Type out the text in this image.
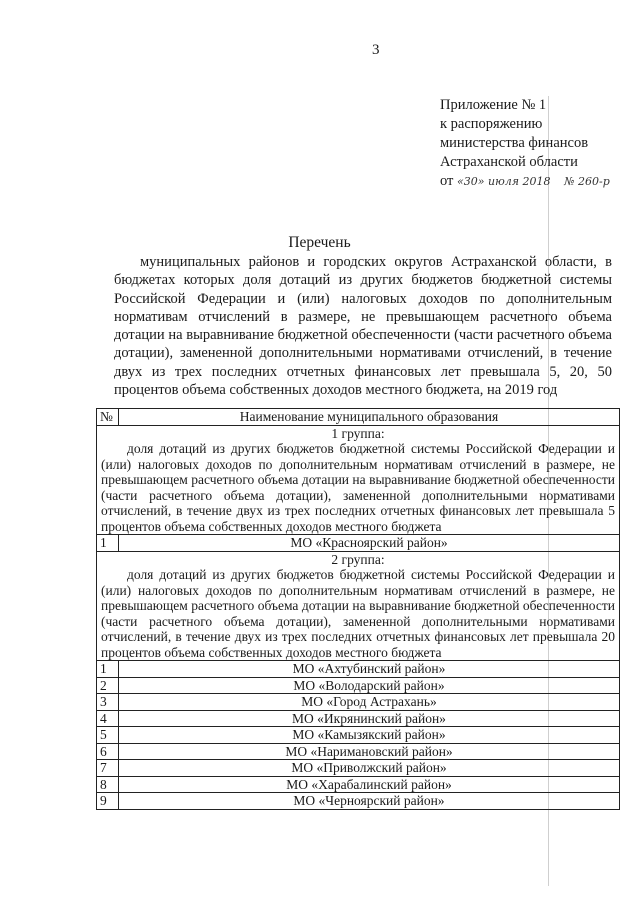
3
Приложение № 1
к распоряжению
министерства финансов
Астраханской области
от «30» июля 2018 № 260-р
Перечень
муниципальных районов и городских округов Астраханской области, в бюджетах которых доля дотаций из других бюджетов бюджетной системы Российской Федерации и (или) налоговых доходов по дополнительным нормативам отчислений в размере, не превышающем расчетного объема дотации на выравнивание бюджетной обеспеченности (части расчетного объема дотации), замененной дополнительными нормативами отчислений, в течение двух из трех последних отчетных финансовых лет превышала 5, 20, 50 процентов объема собственных доходов местного бюджета, на 2019 год
№	Наименование муниципального образования

1 группа:
доля дотаций из других бюджетов бюджетной системы Российской Федерации и (или) налоговых доходов по дополнительным нормативам отчислений в размере, не превышающем расчетного объема дотации на выравнивание бюджетной обеспеченности (части расчетного объема дотации), замененной дополнительными нормативами отчислений, в течение двух из трех последних отчетных финансовых лет превышала 5 процентов объема собственных доходов местного бюджета	

1	МО «Красноярский район»

2 группа:
доля дотаций из других бюджетов бюджетной системы Российской Федерации и (или) налоговых доходов по дополнительным нормативам отчислений в размере, не превышающем расчетного объема дотации на выравнивание бюджетной обеспеченности (части расчетного объема дотации), замененной дополнительными нормативами отчислений, в течение двух из трех последних отчетных финансовых лет превышала 20 процентов объема собственных доходов местного бюджета	

1	МО «Ахтубинский район»
2	МО «Володарский район»
3	МО «Город Астрахань»
4	МО «Икрянинский район»
5	МО «Камызякский район»
6	МО «Наримановский район»
7	МО «Приволжский район»
8	МО «Харабалинский район»
9	МО «Черноярский район»
